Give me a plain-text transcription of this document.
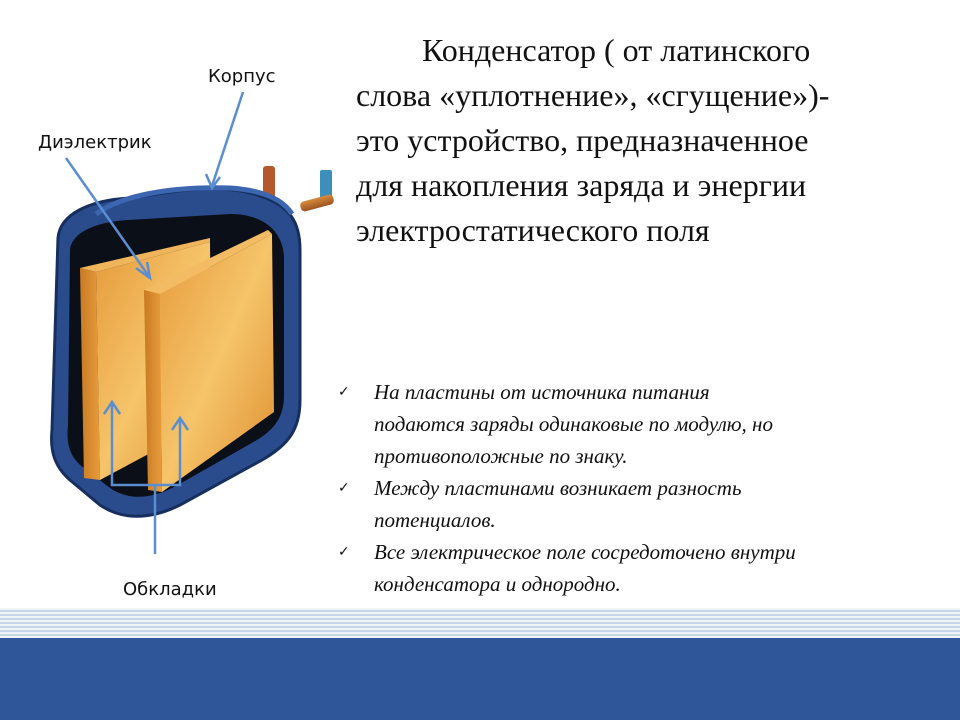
Корпус
Диэлектрик
Обкладки

Конденсатор ( от латинского
слова «уплотнение», «сгущение»)-
это устройство, предназначенное
для накопления заряда и энергии
электростатического поля

✓ На пластины от источника питания
подаются заряды одинаковые по модулю, но
противоположные по знаку.
✓ Между пластинами возникает разность
потенциалов.
✓ Все электрическое поле сосредоточено внутри
конденсатора и однородно.
